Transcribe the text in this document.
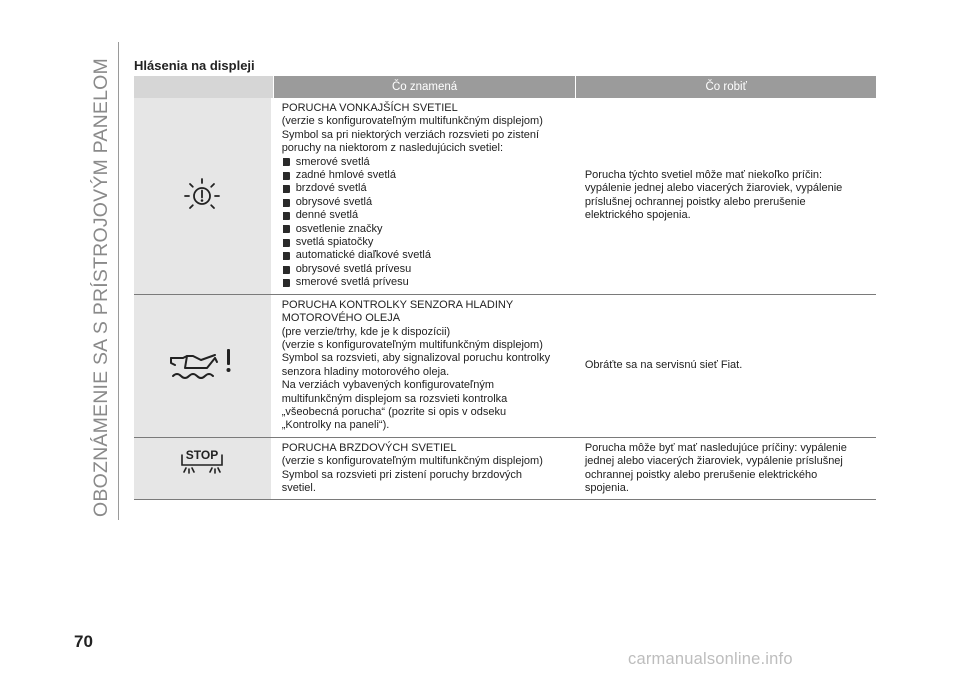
OBOZNÁMENIE SA S PRÍSTROJOVÝM PANELOM Hlásenia na displeji
Čo znamená	Čo robiť
PORUCHA VONKAJŠÍCH SVETIEL
(verzie s konfigurovateľným multifunkčným displejom)
Symbol sa pri niektorých verziách rozsvieti po zistení
poruchy na niektorom z nasledujúcich svetiel:
smerové svetlá
zadné hmlové svetlá
brzdové svetlá
obrysové svetlá
denné svetlá
osvetlenie značky
svetlá spiatočky
automatické diaľkové svetlá
obrysové svetlá prívesu
smerové svetlá prívesu
Porucha týchto svetiel môže mať niekoľko príčin:
vypálenie jednej alebo viacerých žiaroviek, vypálenie
príslušnej ochrannej poistky alebo prerušenie
elektrického spojenia.
PORUCHA KONTROLKY SENZORA HLADINY
MOTOROVÉHO OLEJA
(pre verzie/trhy, kde je k dispozícii)
(verzie s konfigurovateľným multifunkčným displejom)
Symbol sa rozsvieti, aby signalizoval poruchu kontrolky
senzora hladiny motorového oleja.
Na verziách vybavených konfigurovateľným
multifunkčným displejom sa rozsvieti kontrolka
„všeobecná porucha“ (pozrite si opis v odseku
„Kontrolky na paneli“).
Obráťte sa na servisnú sieť Fiat.
STOP	PORUCHA BRZDOVÝCH SVETIEL
(verzie s konfigurovateľným multifunkčným displejom)
Symbol sa rozsvieti pri zistení poruchy brzdových
svetiel.
Porucha môže byť mať nasledujúce príčiny: vypálenie
jednej alebo viacerých žiaroviek, vypálenie príslušnej
ochrannej poistky alebo prerušenie elektrického
spojenia.
70
carmanualsonline.info
